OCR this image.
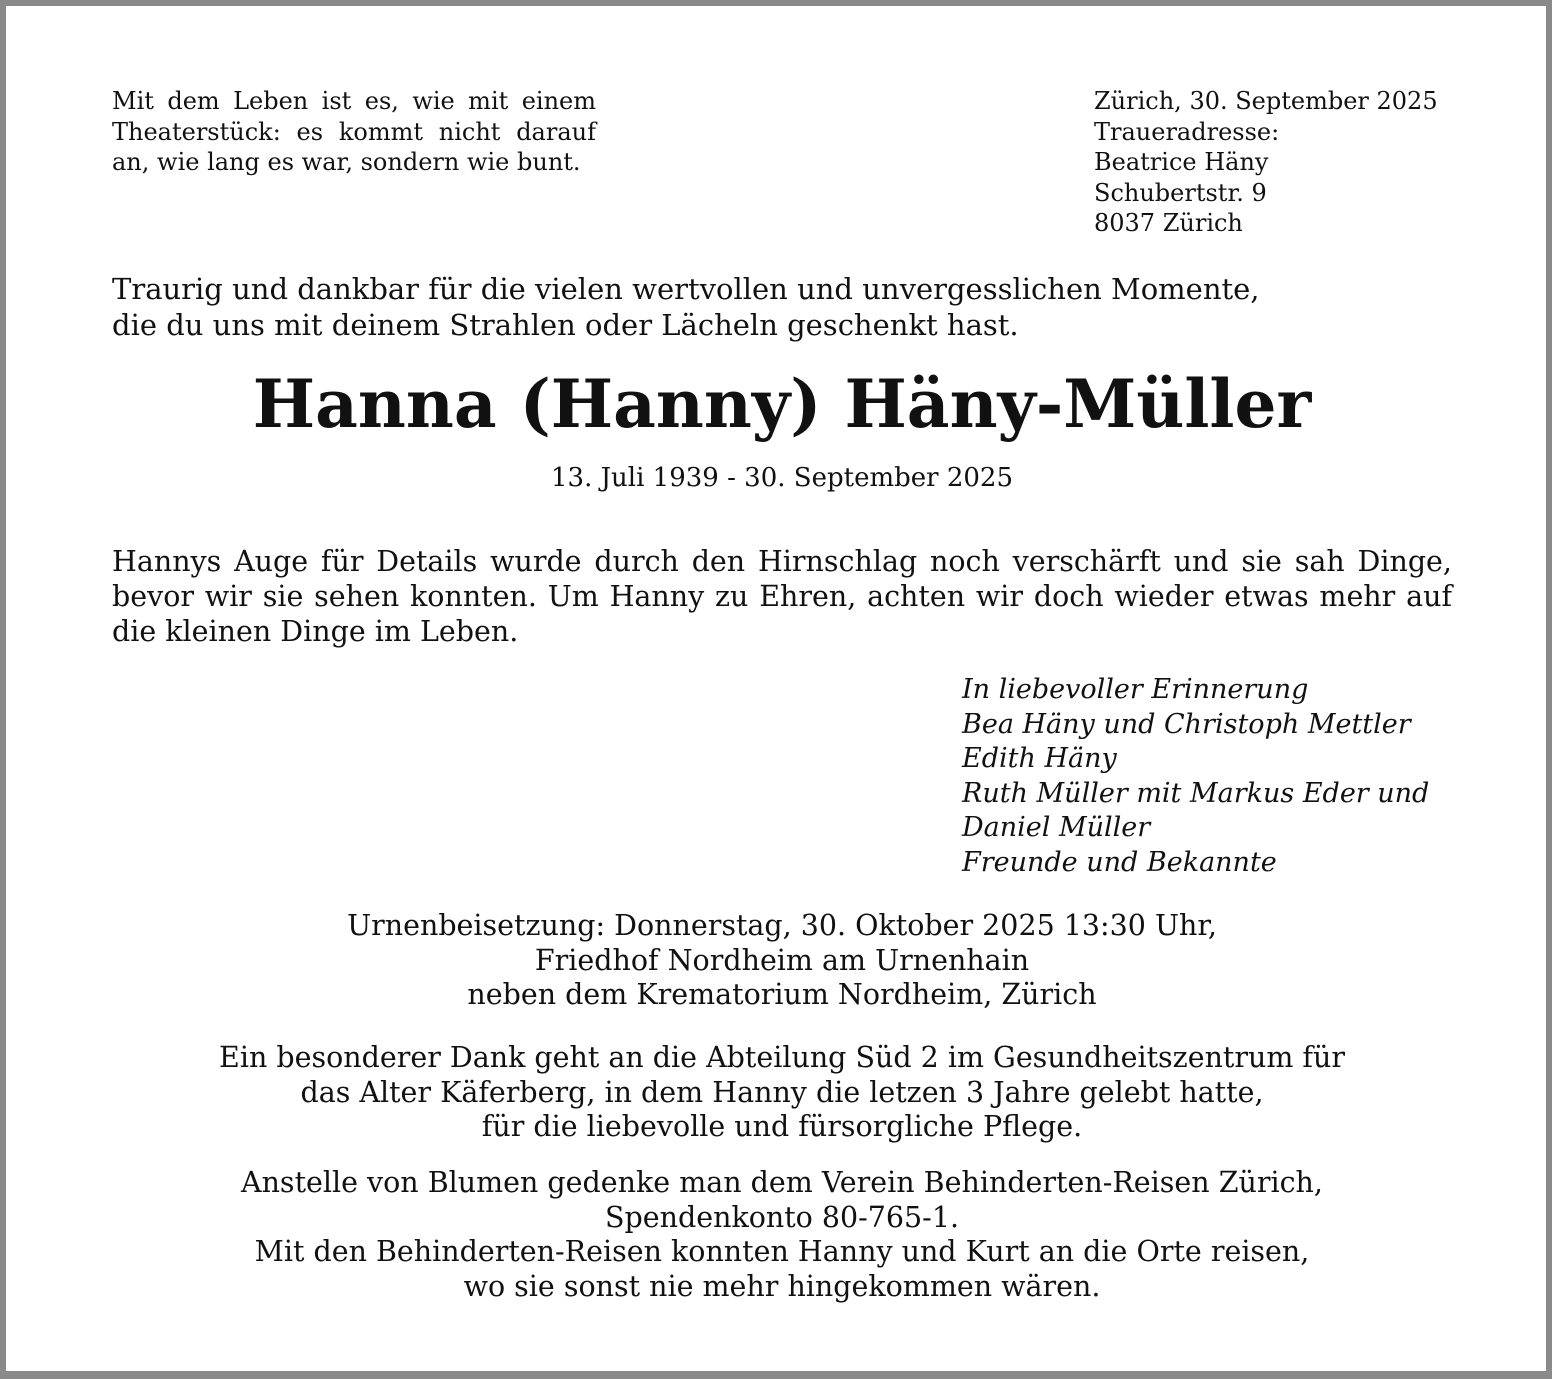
Mit dem Leben ist es, wie mit einem Theaterstück: es kommt nicht darauf an, wie lang es war, sondern wie bunt.
Zürich, 30. September 2025
Traueradresse:
Beatrice Häny
Schubertstr. 9
8037 Zürich
Traurig und dankbar für die vielen wertvollen und unvergesslichen Momente,
die du uns mit deinem Strahlen oder Lächeln geschenkt hast.
Hanna (Hanny) Häny-Müller
13. Juli 1939 - 30. September 2025
Hannys Auge für Details wurde durch den Hirnschlag noch verschärft und sie sah Dinge, bevor wir sie sehen konnten. Um Hanny zu Ehren, achten wir doch wieder etwas mehr auf die kleinen Dinge im Leben.
In liebevoller Erinnerung
Bea Häny und Christoph Mettler
Edith Häny
Ruth Müller mit Markus Eder und
Daniel Müller
Freunde und Bekannte
Urnenbeisetzung: Donnerstag, 30. Oktober 2025 13:30 Uhr,
Friedhof Nordheim am Urnenhain
neben dem Krematorium Nordheim, Zürich
Ein besonderer Dank geht an die Abteilung Süd 2 im Gesundheitszentrum für
das Alter Käferberg, in dem Hanny die letzen 3 Jahre gelebt hatte,
für die liebevolle und fürsorgliche Pflege.
Anstelle von Blumen gedenke man dem Verein Behinderten-Reisen Zürich,
Spendenkonto 80-765-1.
Mit den Behinderten-Reisen konnten Hanny und Kurt an die Orte reisen,
wo sie sonst nie mehr hingekommen wären.
